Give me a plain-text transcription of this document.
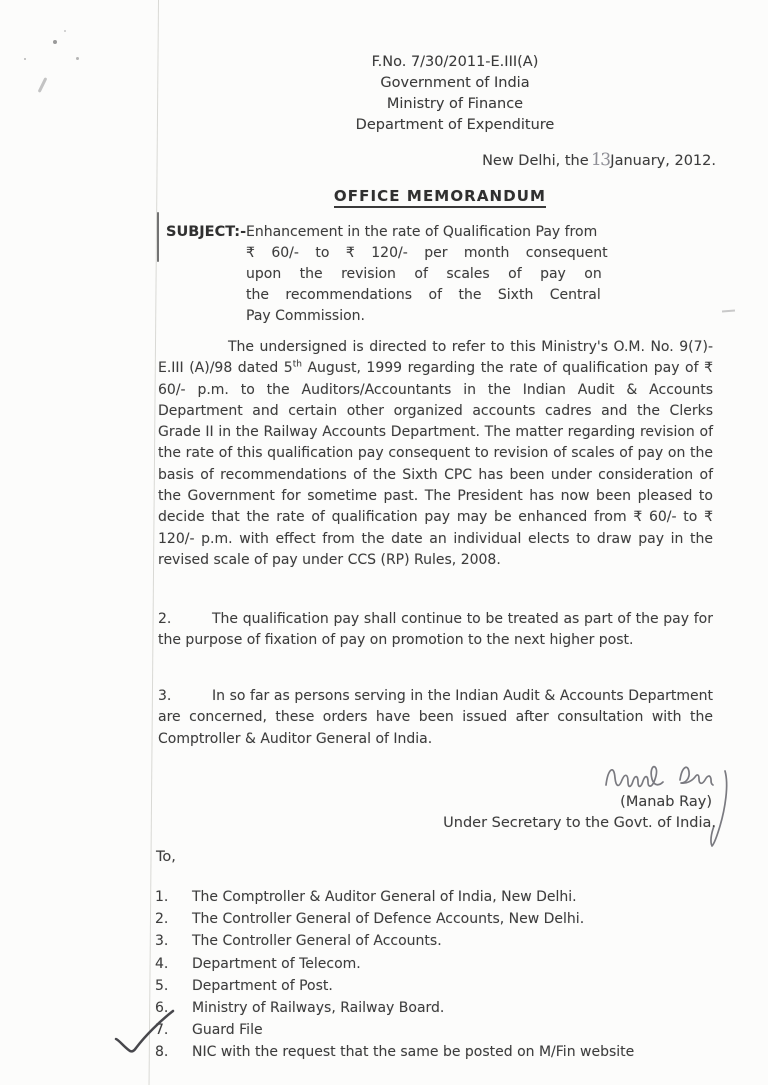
F.No. 7/30/2011-E.III(A)
Government of India
Ministry of Finance
Department of Expenditure
New Delhi, the 13January, 2012.
OFFICE MEMORANDUM
SUBJECT:- Enhancement in the rate of Qualification Pay from
₹ 60/- to ₹ 120/- per month consequent
upon the revision of scales of pay on
the recommendations of the Sixth Central
Pay Commission.

The undersigned is directed to refer to this Ministry's O.M. No. 9(7)-E.III (A)/98 dated 5th August, 1999 regarding the rate of qualification pay of ₹ 60/- p.m. to the Auditors/Accountants in the Indian Audit & Accounts Department and certain other organized accounts cadres and the Clerks Grade II in the Railway Accounts Department. The matter regarding revision of the rate of this qualification pay consequent to revision of scales of pay on the basis of recommendations of the Sixth CPC has been under consideration of the Government for sometime past. The President has now been pleased to decide that the rate of qualification pay may be enhanced from ₹ 60/- to ₹ 120/- p.m. with effect from the date an individual elects to draw pay in the revised scale of pay under CCS (RP) Rules, 2008.

2.	The qualification pay shall continue to be treated as part of the pay for the purpose of fixation of pay on promotion to the next higher post.

3.	In so far as persons serving in the Indian Audit & Accounts Department are concerned, these orders have been issued after consultation with the Comptroller & Auditor General of India.

(Manab Ray)
Under Secretary to the Govt. of India.
To,
1. The Comptroller & Auditor General of India, New Delhi.
2. The Controller General of Defence Accounts, New Delhi.
3. The Controller General of Accounts.
4. Department of Telecom.
5. Department of Post.
6. Ministry of Railways, Railway Board.
7. Guard File
8. NIC with the request that the same be posted on M/Fin website
